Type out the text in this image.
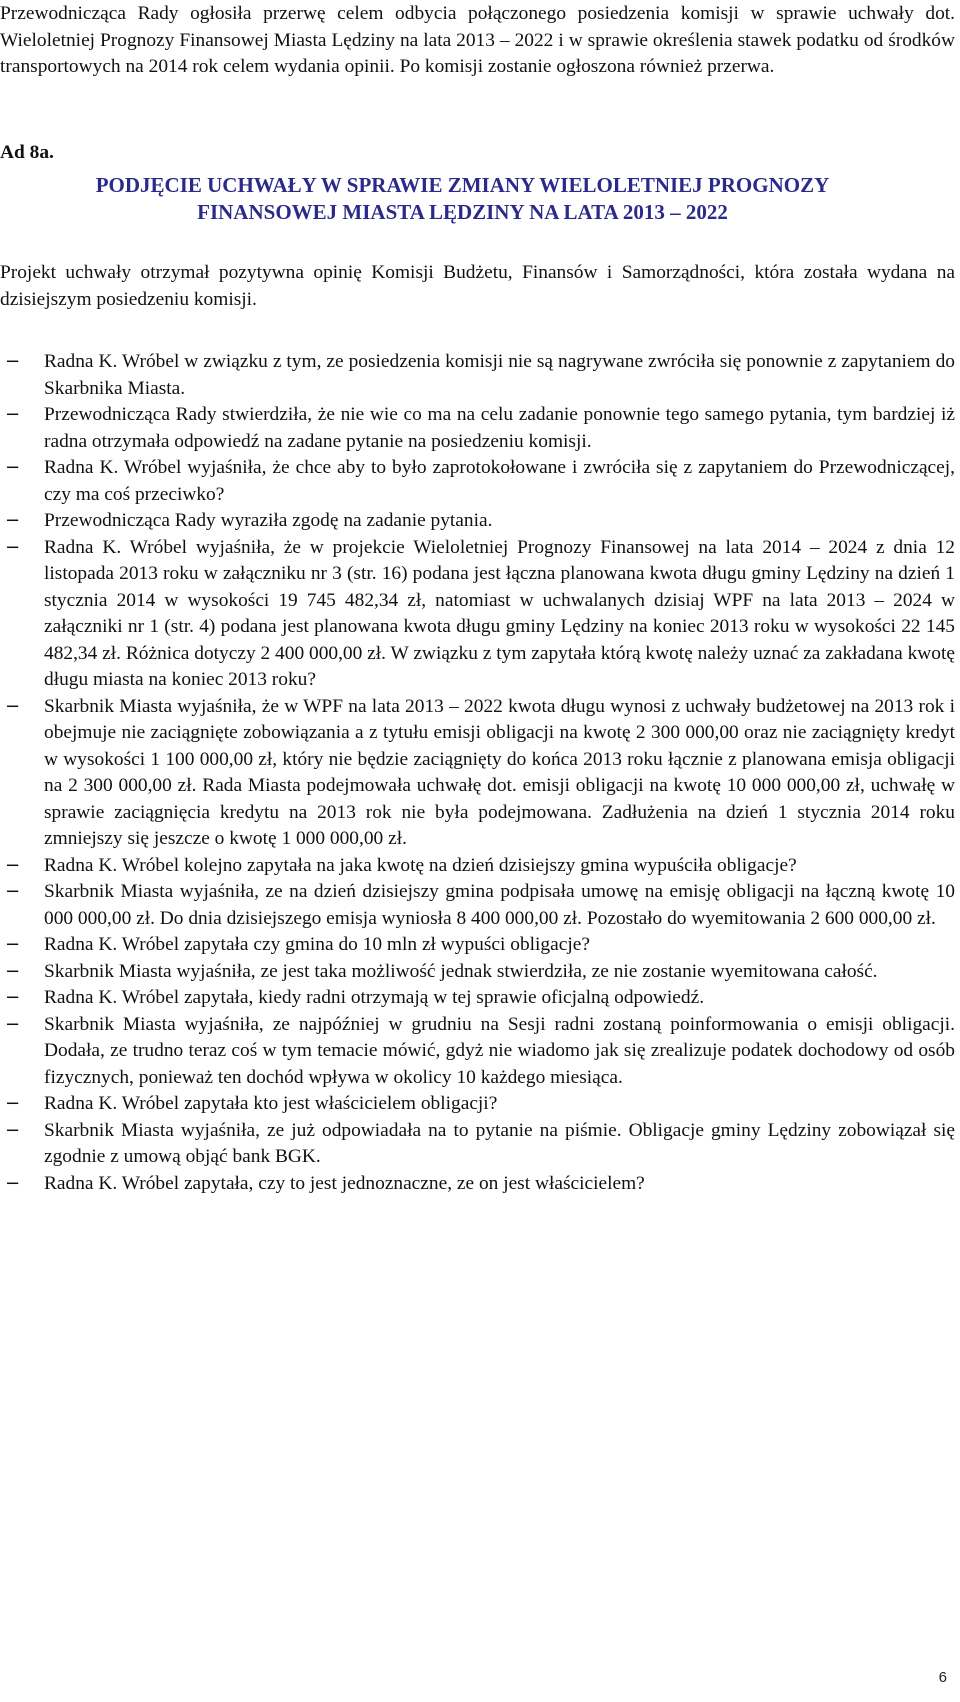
Przewodnicząca Rady ogłosiła przerwę celem odbycia połączonego posiedzenia komisji w sprawie uchwały dot. Wieloletniej Prognozy Finansowej Miasta Lędziny na lata 2013 – 2022 i w sprawie określenia stawek podatku od środków transportowych na 2014 rok celem wydania opinii. Po komisji zostanie ogłoszona również przerwa.

Ad 8a.

PODJĘCIE UCHWAŁY W SPRAWIE ZMIANY WIELOLETNIEJ PROGNOZY
FINANSOWEJ MIASTA LĘDZINY NA LATA 2013 – 2022

Projekt uchwały otrzymał pozytywna opinię Komisji Budżetu, Finansów i Samorządności, która została wydana na dzisiejszym posiedzeniu komisji.

− Radna K. Wróbel w związku z tym, ze posiedzenia komisji nie są nagrywane zwróciła się ponownie z zapytaniem do Skarbnika Miasta.
− Przewodnicząca Rady stwierdziła, że nie wie co ma na celu zadanie ponownie tego samego pytania, tym bardziej iż radna otrzymała odpowiedź na zadane pytanie na posiedzeniu komisji.
− Radna K. Wróbel wyjaśniła, że chce aby to było zaprotokołowane i zwróciła się z zapytaniem do Przewodniczącej, czy ma coś przeciwko?
− Przewodnicząca Rady wyraziła zgodę na zadanie pytania.
− Radna K. Wróbel wyjaśniła, że w projekcie Wieloletniej Prognozy Finansowej na lata 2014 – 2024 z dnia 12 listopada 2013 roku w załączniku nr 3 (str. 16) podana jest łączna planowana kwota długu gminy Lędziny na dzień 1 stycznia 2014 w wysokości 19 745 482,34 zł, natomiast w uchwalanych dzisiaj WPF na lata 2013 – 2024 w załączniki nr 1 (str. 4) podana jest planowana kwota długu gminy Lędziny na koniec 2013 roku w wysokości 22 145 482,34 zł. Różnica dotyczy 2 400 000,00 zł. W związku z tym zapytała którą kwotę należy uznać za zakładana kwotę długu miasta na koniec 2013 roku?
− Skarbnik Miasta wyjaśniła, że w WPF na lata 2013 – 2022 kwota długu wynosi z uchwały budżetowej na 2013 rok i obejmuje nie zaciągnięte zobowiązania a z tytułu emisji obligacji na kwotę 2 300 000,00 oraz nie zaciągnięty kredyt w wysokości 1 100 000,00 zł, który nie będzie zaciągnięty do końca 2013 roku łącznie z planowana emisja obligacji na 2 300 000,00 zł. Rada Miasta podejmowała uchwałę dot. emisji obligacji na kwotę 10 000 000,00 zł, uchwałę w sprawie zaciągnięcia kredytu na 2013 rok nie była podejmowana. Zadłużenia na dzień 1 stycznia 2014 roku zmniejszy się jeszcze o kwotę 1 000 000,00 zł.
− Radna K. Wróbel kolejno zapytała na jaka kwotę na dzień dzisiejszy gmina wypuściła obligacje?
− Skarbnik Miasta wyjaśniła, ze na dzień dzisiejszy gmina podpisała umowę na emisję obligacji na łączną kwotę 10 000 000,00 zł. Do dnia dzisiejszego emisja wyniosła 8 400 000,00 zł. Pozostało do wyemitowania 2 600 000,00 zł.
− Radna K. Wróbel zapytała czy gmina do 10 mln zł wypuści obligacje?
− Skarbnik Miasta wyjaśniła, ze jest taka możliwość jednak stwierdziła, ze nie zostanie wyemitowana całość.
− Radna K. Wróbel zapytała, kiedy radni otrzymają w tej sprawie oficjalną odpowiedź.
− Skarbnik Miasta wyjaśniła, ze najpóźniej w grudniu na Sesji radni zostaną poinformowania o emisji obligacji. Dodała, ze trudno teraz coś w tym temacie mówić, gdyż nie wiadomo jak się zrealizuje podatek dochodowy od osób fizycznych, ponieważ ten dochód wpływa w okolicy 10 każdego miesiąca.
− Radna K. Wróbel zapytała kto jest właścicielem obligacji?
− Skarbnik Miasta wyjaśniła, ze już odpowiadała na to pytanie na piśmie. Obligacje gminy Lędziny zobowiązał się zgodnie z umową objąć bank BGK.
− Radna K. Wróbel zapytała, czy to jest jednoznaczne, ze on jest właścicielem?
6
